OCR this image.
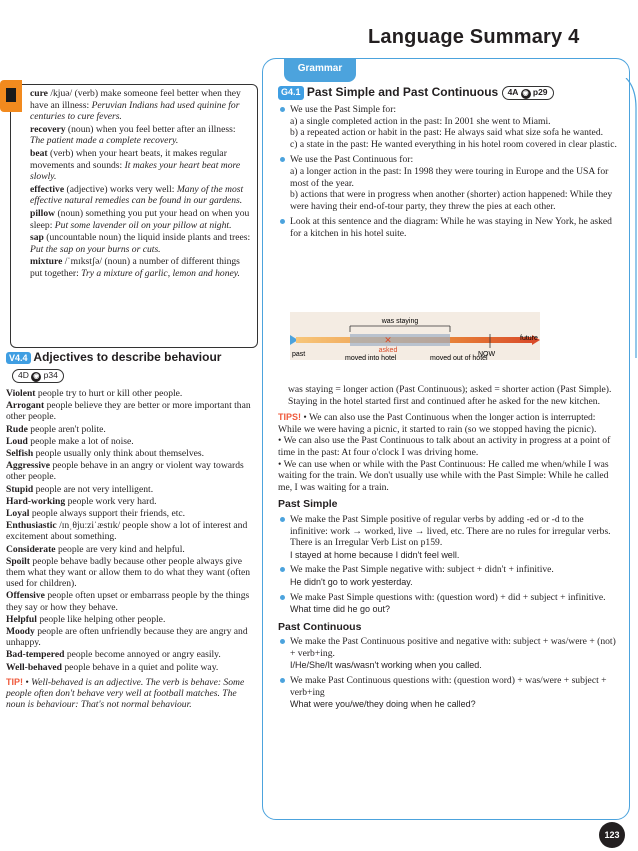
Language Summary 4

cure /kjuə/ (verb) make someone feel better when they have an illness: Peruvian Indians had used quinine for centuries to cure fevers.

recovery (noun) when you feel better after an illness: The patient made a complete recovery.

beat (verb) when your heart beats, it makes regular movements and sounds: It makes your heart beat more slowly.

effective (adjective) works very well: Many of the most effective natural remedies can be found in our gardens.

pillow (noun) something you put your head on when you sleep: Put some lavender oil on your pillow at night.

sap (uncountable noun) the liquid inside plants and trees: Put the sap on your burns or cuts.

mixture /ˈmɪkstʃə/ (noun) a number of different things put together: Try a mixture of garlic, lemon and honey.

V4.4 Adjectives to describe behaviour
4D ◉ p34

Violent people try to hurt or kill other people.

Arrogant people believe they are better or more important than other people.

Rude people aren't polite.

Loud people make a lot of noise.

Selfish people usually only think about themselves.

Aggressive people behave in an angry or violent way towards other people.

Stupid people are not very intelligent.

Hard-working people work very hard.

Loyal people always support their friends, etc.

Enthusiastic /ɪnˌθjuːziˈæstɪk/ people show a lot of interest and excitement about something.

Considerate people are very kind and helpful.

Spoilt people behave badly because other people always give them what they want or allow them to do what they want (often used for children).

Offensive people often upset or embarrass people by the things they say or how they behave.

Helpful people like helping other people.

Moody people are often unfriendly because they are angry and unhappy.

Bad-tempered people become annoyed or angry easily.

Well-behaved people behave in a quiet and polite way.

TIP! • Well-behaved is an adjective. The verb is behave: Some people often don't behave very well at football matches. The noun is behaviour: That's not normal behaviour.
Grammar
G4.1 Past Simple and Past Continuous 4A ◉ p29

We use the Past Simple for:

a) a single completed action in the past: In 2001 she went to Miami.

b) a repeated action or habit in the past: He always said what size sofa he wanted.

c) a state in the past: He wanted everything in his hotel room covered in clear plastic.

We use the Past Continuous for:

a) a longer action in the past: In 1998 they were touring in Europe and the USA for most of the year.

b) actions that were in progress when another (shorter) action happened: While they were having their end-of-tour party, they threw the pies at each other.

Look at this sentence and the diagram: While he was staying in New York, he asked for a kitchen in his hotel suite.

was staying
asked
✕
past
future
moved into hotel	moved out of hotel
NOW

was staying = longer action (Past Continuous); asked = shorter action (Past Simple). Staying in the hotel started first and continued after he asked for the new kitchen.

TIPS! • We can also use the Past Continuous when the longer action is interrupted: While we were having a picnic, it started to rain (so we stopped having the picnic).

• We can also use the Past Continuous to talk about an activity in progress at a point of time in the past: At four o'clock I was driving home.

• We can use when or while with the Past Continuous: He called me when/while I was waiting for the train. We don't usually use while with the Past Simple: While he called me, I was waiting for a train.

Past Simple

We make the Past Simple positive of regular verbs by adding -ed or -d to the infinitive: work → worked, live → lived, etc. There are no rules for irregular verbs. There is an Irregular Verb List on p159.

I stayed at home because I didn't feel well.

We make the Past Simple negative with: subject + didn't + infinitive.

He didn't go to work yesterday.

We make Past Simple questions with: (question word) + did + subject + infinitive.

What time did he go out?

Past Continuous

We make the Past Continuous positive and negative with: subject + was/were + (not) + verb+ing.

I/He/She/It was/wasn't working when you called.

We make Past Continuous questions with: (question word) + was/were + subject + verb+ing

What were you/we/they doing when he called?

123
